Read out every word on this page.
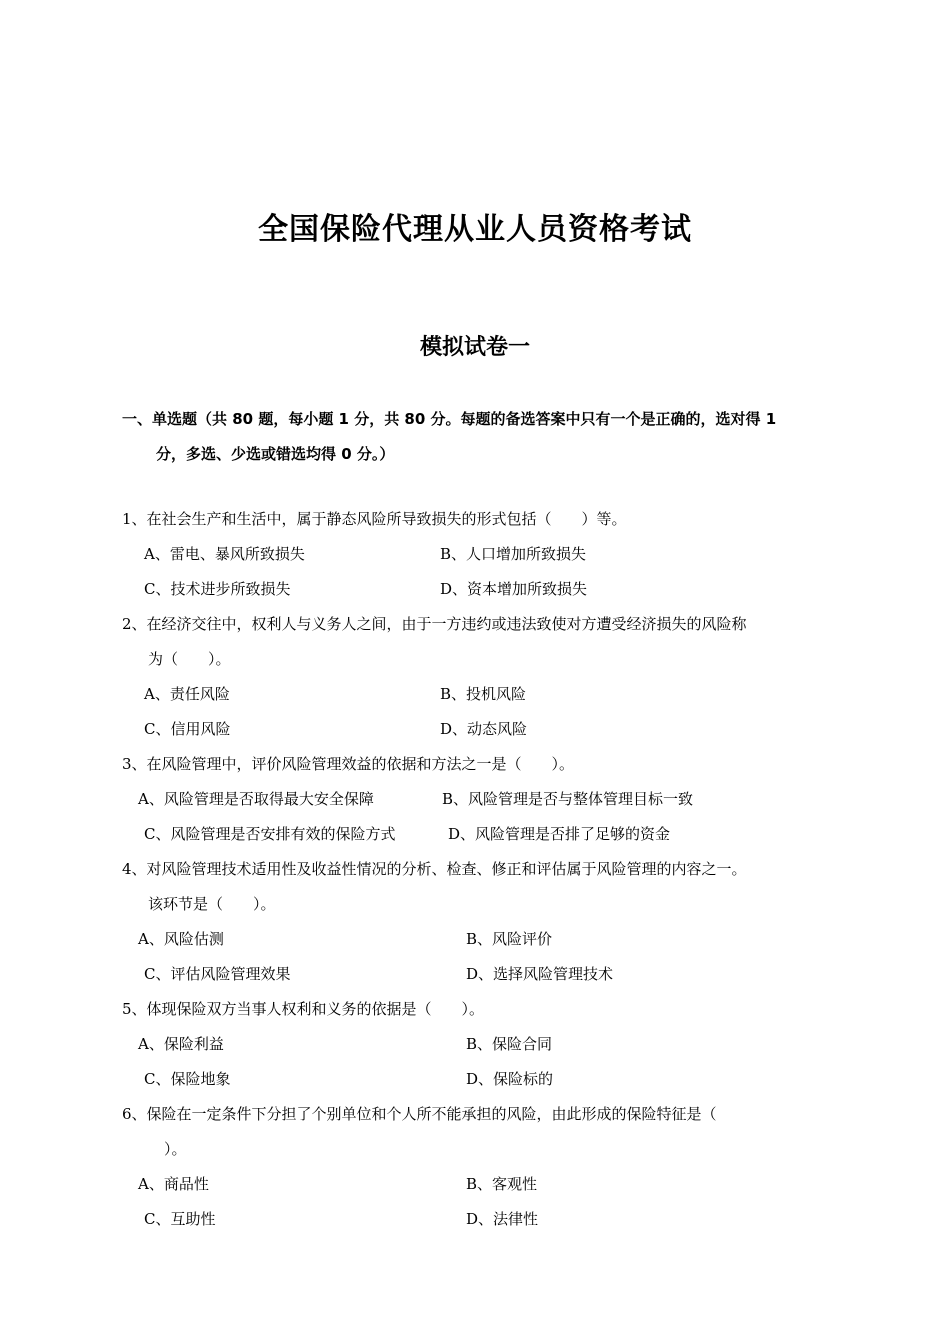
全国保险代理从业人员资格考试
模拟试卷一
一、单选题（共 80 题，每小题 1 分，共 80 分。每题的备选答案中只有一个是正确的，选对得 1
分，多选、少选或错选均得 0 分。）
1、在社会生产和生活中，属于静态风险所导致损失的形式包括（　　）等。
A、雷电、暴风所致损失	B、人口增加所致损失
C、技术进步所致损失	D、资本增加所致损失
2、在经济交往中，权利人与义务人之间，由于一方违约或违法致使对方遭受经济损失的风险称
为（　　）。
A、责任风险	B、投机风险
C、信用风险	D、动态风险
3、在风险管理中，评价风险管理效益的依据和方法之一是（　　）。
A、风险管理是否取得最大安全保障	B、风险管理是否与整体管理目标一致
C、风险管理是否安排有效的保险方式	D、风险管理是否排了足够的资金
4、对风险管理技术适用性及收益性情况的分析、检查、修正和评估属于风险管理的内容之一。
该环节是（　　）。
A、风险估测	B、风险评价
C、评估风险管理效果	D、选择风险管理技术
5、体现保险双方当事人权利和义务的依据是（　　）。
A、保险利益	B、保险合同
C、保险地象	D、保险标的
6、保险在一定条件下分担了个别单位和个人所不能承担的风险，由此形成的保险特征是（
）。
A、商品性	B、客观性
C、互助性	D、法律性
